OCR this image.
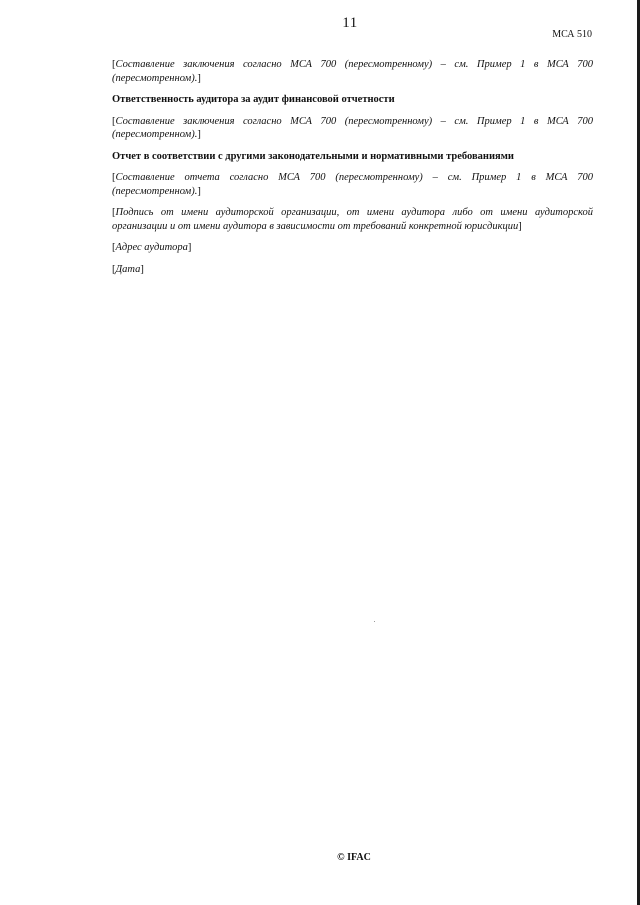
11
МСА 510

[Составление заключения согласно МСА 700 (пересмотренному) – см. Пример 1 в МСА 700 (пересмотренном).]

Ответственность аудитора за аудит финансовой отчетности

[Составление заключения согласно МСА 700 (пересмотренному) – см. Пример 1 в МСА 700 (пересмотренном).]

Отчет в соответствии с другими законодательными и нормативными требованиями

[Составление отчета согласно МСА 700 (пересмотренному) – см. Пример 1 в МСА 700 (пересмотренном).]

[Подпись от имени аудиторской организации, от имени аудитора либо от имени аудиторской организации и от имени аудитора в зависимости от требований конкретной юрисдикции]

[Адрес аудитора]

[Дата]

© IFAC
